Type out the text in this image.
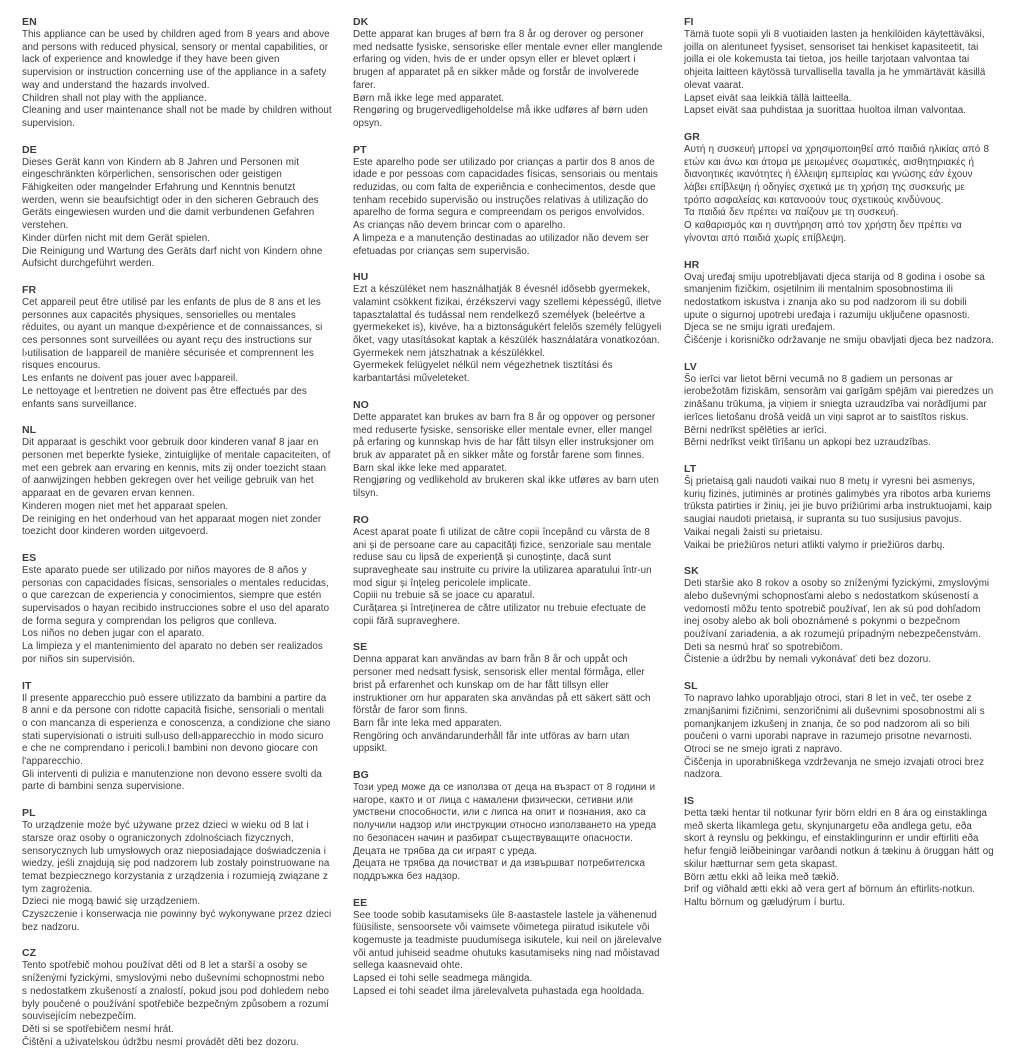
EN
This appliance can be used by children aged from 8 years and above and persons with reduced physical, sensory or mental capabilities, or lack of experience and knowledge if they have been given supervision or instruction concerning use of the appliance in a safety way and understand the hazards involved.
Children shall not play with the appliance.
Cleaning and user maintenance shall not be made by children without supervision.
DE
Dieses Gerät kann von Kindern ab 8 Jahren und Personen mit eingeschränkten körperlichen, sensorischen oder geistigen Fähigkeiten oder mangelnder Erfahrung und Kenntnis benutzt werden, wenn sie beaufsichtigt oder in den sicheren Gebrauch des Geräts eingewiesen wurden und die damit verbundenen Gefahren verstehen.
Kinder dürfen nicht mit dem Gerät spielen.
Die Reinigung und Wartung des Geräts darf nicht von Kindern ohne Aufsicht durchgeführt werden.
FR
Cet appareil peut être utilisé par les enfants de plus de 8 ans et les personnes aux capacités physiques, sensorielles ou mentales réduites, ou ayant un manque d›expérience et de connaissances, si ces personnes sont surveillées ou ayant reçu des instructions sur l›utilisation de l›appareil de manière sécurisée et comprennent les risques encourus.
Les enfants ne doivent pas jouer avec l›appareil.
Le nettoyage et l›entretien ne doivent pas être effectués par des enfants sans surveillance.
NL
Dit apparaat is geschikt voor gebruik door kinderen vanaf 8 jaar en personen met beperkte fysieke, zintuiglijke of mentale capaciteiten, of met een gebrek aan ervaring en kennis, mits zij onder toezicht staan of aanwijzingen hebben gekregen over het veilige gebruik van het apparaat en de gevaren ervan kennen.
Kinderen mogen niet met het apparaat spelen.
De reiniging en het onderhoud van het apparaat mogen niet zonder toezicht door kinderen worden uitgevoerd.
ES
Este aparato puede ser utilizado por niños mayores de 8 años y personas con capacidades físicas, sensoriales o mentales reducidas, o que carezcan de experiencia y conocimientos, siempre que estén supervisados o hayan recibido instrucciones sobre el uso del aparato de forma segura y comprendan los peligros que conlleva.
Los niños no deben jugar con el aparato.
La limpieza y el mantenimiento del aparato no deben ser realizados por niños sin supervisión.
IT
Il presente apparecchio può essere utilizzato da bambini a partire da 8 anni e da persone con ridotte capacità fisiche, sensoriali o mentali o con mancanza di esperienza e conoscenza, a condizione che siano stati supervisionati o istruiti sull›uso dell›apparecchio in modo sicuro e che ne comprendano i pericoli.I bambini non devono giocare con l'apparecchio.
Gli interventi di pulizia e manutenzione non devono essere svolti da parte di bambini senza supervisione.
PL
To urządzenie może być używane przez dzieci w wieku od 8 lat i starsze oraz osoby o ograniczonych zdolnościach fizycznych, sensorycznych lub umysłowych oraz nieposiadające doświadczenia i wiedzy, jeśli znajdują się pod nadzorem lub zostały poinstruowane na temat bezpiecznego korzystania z urządzenia i rozumieją związane z tym zagrożenia.
Dzieci nie mogą bawić się urządzeniem.
Czyszczenie i konserwacja nie powinny być wykonywane przez dzieci bez nadzoru.
CZ
Tento spotřebič mohou používat děti od 8 let a starší a osoby se sníženými fyzickými, smyslovými nebo duševními schopnostmi nebo s nedostatkem zkušeností a znalostí, pokud jsou pod dohledem nebo byly poučené o používání spotřebiče bezpečným způsobem a rozumí souvisejícím nebezpečím.
Děti si se spotřebičem nesmí hrát.
Čištění a uživatelskou údržbu nesmí provádět děti bez dozoru.
DK
Dette apparat kan bruges af børn fra 8 år og derover og personer med nedsatte fysiske, sensoriske eller mentale evner eller manglende erfaring og viden, hvis de er under opsyn eller er blevet oplært i brugen af apparatet på en sikker måde og forstår de involverede farer.
Børn må ikke lege med apparatet.
Rengøring og brugervedligeholdelse må ikke udføres af børn uden opsyn.
PT
Este aparelho pode ser utilizado por crianças a partir dos 8 anos de idade e por pessoas com capacidades físicas, sensoriais ou mentais reduzidas, ou com falta de experiência e conhecimentos, desde que tenham recebido supervisão ou instruções relativas à utilização do aparelho de forma segura e compreendam os perigos envolvidos.
As crianças não devem brincar com o aparelho.
A limpeza e a manutenção destinadas ao utilizador não devem ser efetuadas por crianças sem supervisão.
HU
Ezt a készüléket nem használhatják 8 évesnél idősebb gyermekek, valamint csökkent fizikai, érzékszervi vagy szellemi képességű, illetve tapasztalattal és tudással nem rendelkező személyek (beleértve a gyermekeket is), kivéve, ha a biztonságukért felelős személy felügyeli őket, vagy utasításokat kaptak a készülék használatára vonatkozóan.
Gyermekek nem játszhatnak a készülékkel.
Gyermekek felügyelet nélkül nem végezhetnek tisztítási és karbantartási műveleteket.
NO
Dette apparatet kan brukes av barn fra 8 år og oppover og personer med reduserte fysiske, sensoriske eller mentale evner, eller mangel på erfaring og kunnskap hvis de har fått tilsyn eller instruksjoner om bruk av apparatet på en sikker måte og forstår farene som finnes.
Barn skal ikke leke med apparatet.
Rengjøring og vedlikehold av brukeren skal ikke utføres av barn uten tilsyn.
RO
Acest aparat poate fi utilizat de către copii începând cu vârsta de 8 ani și de persoane care au capacități fizice, senzoriale sau mentale reduse sau cu lipsă de experiență și cunoștințe, dacă sunt supravegheate sau instruite cu privire la utilizarea aparatului într-un mod sigur și înțeleg pericolele implicate.
Copiii nu trebuie să se joace cu aparatul.
Curățarea și întreținerea de către utilizator nu trebuie efectuate de copii fără supraveghere.
SE
Denna apparat kan användas av barn från 8 år och uppåt och personer med nedsatt fysisk, sensorisk eller mental förmåga, eller brist på erfarenhet och kunskap om de har fått tillsyn eller instruktioner om hur apparaten ska användas på ett säkert sätt och förstår de faror som finns.
Barn får inte leka med apparaten.
Rengöring och användarunderhåll får inte utföras av barn utan uppsikt.
BG
Този уред може да се използва от деца на възраст от 8 години и нагоре, както и от лица с намалени физически, сетивни или умствени способности, или с липса на опит и познания, ако са получили надзор или инструкции относно използването на уреда по безопасен начин и разбират съществуващите опасности.
Децата не трябва да си играят с уреда.
Децата не трябва да почистват и да извършват потребителска поддръжка без надзор.
EE
See toode sobib kasutamiseks üle 8-aastastele lastele ja vähenenud füüsiliste, sensoorsete või vaimsete võimetega piiratud isikutele või kogemuste ja teadmiste puudumisega isikutele, kui neil on järelevalve või antud juhiseid seadme ohutuks kasutamiseks ning nad mõistavad sellega kaasnevaid ohte.
Lapsed ei tohi selle seadmega mängida.
Lapsed ei tohi seadet ilma järelevalveta puhastada ega hooldada.
FI
Tämä tuote sopii yli 8 vuotiaiden lasten ja henkilöiden käytettäväksi, joilla on alentuneet fyysiset, sensoriset tai henkiset kapasiteetit, tai joilla ei ole kokemusta tai tietoa, jos heille tarjotaan valvontaa tai ohjeita laitteen käytössä turvallisella tavalla ja he ymmärtävät käsillä olevat vaarat.
Lapset eivät saa leikkiä tällä laitteella.
Lapset eivät saa puhdistaa ja suorittaa huoltoa ilman valvontaa.
GR
Αυτή η συσκευή μπορεί να χρησιμοποιηθεί από παιδιά ηλικίας από 8 ετών και άνω και άτομα με μειωμένες σωματικές, αισθητηριακές ή διανοητικές ικανότητες ή έλλειψη εμπειρίας και γνώσης εάν έχουν λάβει επίβλεψη ή οδηγίες σχετικά με τη χρήση της συσκευής με τρόπο ασφαλείας και κατανοούν τους σχετικούς κινδύνους.
Τα παιδιά δεν πρέπει να παίζουν με τη συσκευή.
Ο καθαρισμός και η συντήρηση από τον χρήστη δεν πρέπει να γίνονται από παιδιά χωρίς επίβλεψη.
HR
Ovaj uređaj smiju upotrebljavati djeca starija od 8 godina i osobe sa smanjenim fizičkim, osjetilnim ili mentalnim sposobnostima ili nedostatkom iskustva i znanja ako su pod nadzorom ili su dobili upute o sigurnoj upotrebi uređaja i razumiju uključene opasnosti.
Djeca se ne smiju igrati uređajem.
Čišćenje i korisničko održavanje ne smiju obavljati djeca bez nadzora.
LV
Šo ierīci var lietot bērni vecumā no 8 gadiem un personas ar ierobežotām fiziskām, sensorām vai garīgām spējām vai pieredzes un zināšanu trūkuma, ja viņiem ir sniegta uzraudzība vai norādījumi par ierīces lietošanu drošā veidā un viņi saprot ar to saistītos riskus.
Bērni nedrīkst spēlēties ar ierīci.
Bērni nedrīkst veikt tīrīšanu un apkopi bez uzraudzības.
LT
Šį prietaisą gali naudoti vaikai nuo 8 metų ir vyresni bei asmenys, kurių fizinės, jutiminės ar protinės galimybės yra ribotos arba kuriems trūksta patirties ir žinių, jei jie buvo prižiūrimi arba instruktuojami, kaip saugiai naudoti prietaisą, ir supranta su tuo susijusius pavojus.
Vaikai negali žaisti su prietaisu.
Vaikai be priežiūros neturi atlikti valymo ir priežiūros darbų.
SK
Deti staršie ako 8 rokov a osoby so zníženými fyzickými, zmyslovými alebo duševnými schopnosťami alebo s nedostatkom skúseností a vedomostí môžu tento spotrebič používať, len ak sú pod dohľadom inej osoby alebo ak boli oboznámené s pokynmi o bezpečnom používaní zariadenia, a ak rozumejú prípadným nebezpečenstvám.
Deti sa nesmú hrať so spotrebičom.
Čistenie a údržbu by nemali vykonávať deti bez dozoru.
SL
To napravo lahko uporabljajo otroci, stari 8 let in več, ter osebe z zmanjšanimi fizičnimi, senzoričnimi ali duševnimi sposobnostmi ali s pomanjkanjem izkušenj in znanja, če so pod nadzorom ali so bili poučeni o varni uporabi naprave in razumejo prisotne nevarnosti.
Otroci se ne smejo igrati z napravo.
Čiščenja in uporabniškega vzdrževanja ne smejo izvajati otroci brez nadzora.
IS
Þetta tæki hentar til notkunar fyrir börn eldri en 8 ára og einstaklinga með skerta líkamlega getu, skynjunargetu eða andlega getu, eða skort á reynslu og þekkingu, ef einstaklingurinn er undir eftirliti eða hefur fengið leiðbeiningar varðandi notkun á tækinu á öruggan hátt og skilur hætturnar sem geta skapast.
Börn ættu ekki að leika með tækið.
Þrif og viðhald ætti ekki að vera gert af börnum án eftirlits-notkun.
Haltu börnum og gæludýrum í burtu.
